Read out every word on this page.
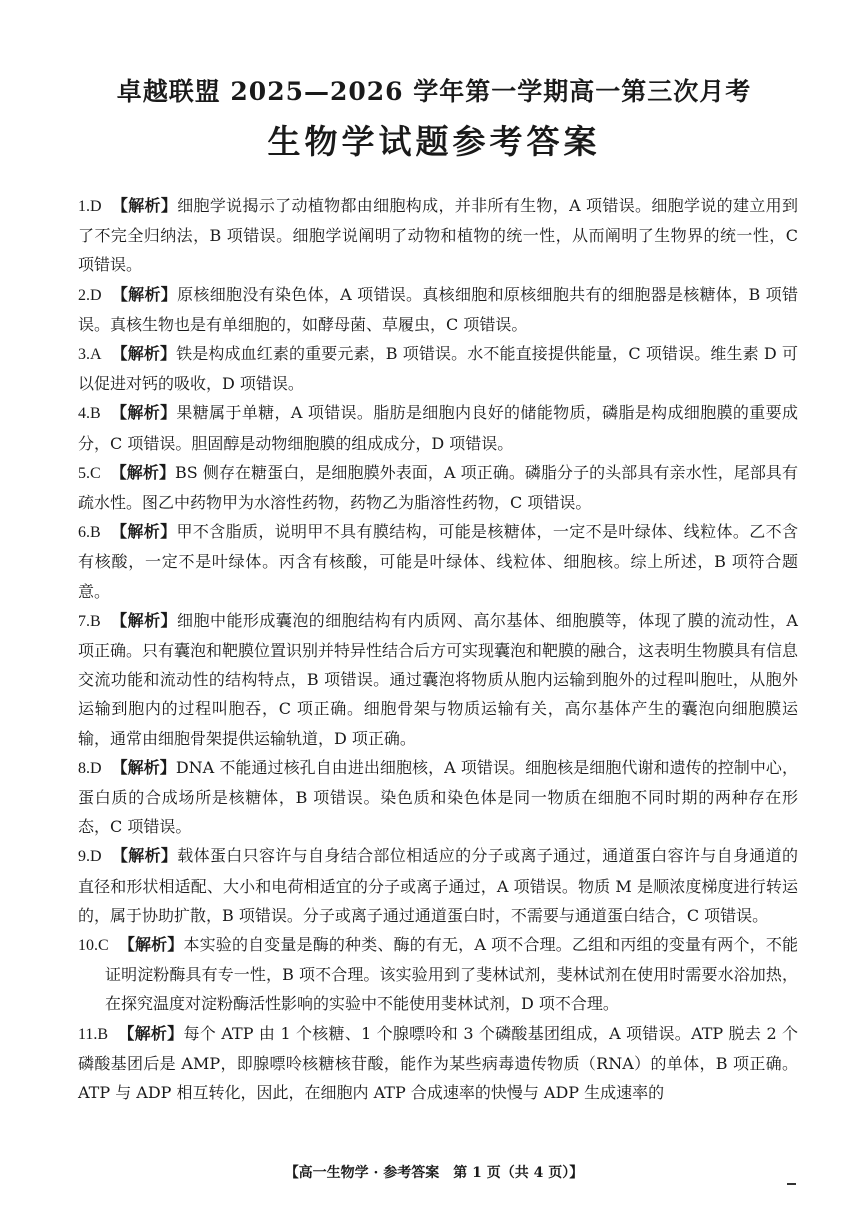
卓越联盟 2025—2026 学年第一学期高一第三次月考
生物学试题参考答案

1.D 【解析】细胞学说揭示了动植物都由细胞构成，并非所有生物，A 项错误。细胞学说的建立用到了不完全归纳法，B 项错误。细胞学说阐明了动物和植物的统一性，从而阐明了生物界的统一性，C 项错误。

2.D 【解析】原核细胞没有染色体，A 项错误。真核细胞和原核细胞共有的细胞器是核糖体，B 项错误。真核生物也是有单细胞的，如酵母菌、草履虫，C 项错误。

3.A 【解析】铁是构成血红素的重要元素，B 项错误。水不能直接提供能量，C 项错误。维生素 D 可以促进对钙的吸收，D 项错误。

4.B 【解析】果糖属于单糖，A 项错误。脂肪是细胞内良好的储能物质，磷脂是构成细胞膜的重要成分，C 项错误。胆固醇是动物细胞膜的组成成分，D 项错误。

5.C 【解析】BS 侧存在糖蛋白，是细胞膜外表面，A 项正确。磷脂分子的头部具有亲水性，尾部具有疏水性。图乙中药物甲为水溶性药物，药物乙为脂溶性药物，C 项错误。

6.B 【解析】甲不含脂质，说明甲不具有膜结构，可能是核糖体，一定不是叶绿体、线粒体。乙不含有核酸，一定不是叶绿体。丙含有核酸，可能是叶绿体、线粒体、细胞核。综上所述，B 项符合题意。

7.B 【解析】细胞中能形成囊泡的细胞结构有内质网、高尔基体、细胞膜等，体现了膜的流动性，A 项正确。只有囊泡和靶膜位置识别并特异性结合后方可实现囊泡和靶膜的融合，这表明生物膜具有信息交流功能和流动性的结构特点，B 项错误。通过囊泡将物质从胞内运输到胞外的过程叫胞吐，从胞外运输到胞内的过程叫胞吞，C 项正确。细胞骨架与物质运输有关，高尔基体产生的囊泡向细胞膜运输，通常由细胞骨架提供运输轨道，D 项正确。

8.D 【解析】DNA 不能通过核孔自由进出细胞核，A 项错误。细胞核是细胞代谢和遗传的控制中心，蛋白质的合成场所是核糖体，B 项错误。染色质和染色体是同一物质在细胞不同时期的两种存在形态，C 项错误。

9.D 【解析】载体蛋白只容许与自身结合部位相适应的分子或离子通过，通道蛋白容许与自身通道的直径和形状相适配、大小和电荷相适宜的分子或离子通过，A 项错误。物质 M 是顺浓度梯度进行转运的，属于协助扩散，B 项错误。分子或离子通过通道蛋白时，不需要与通道蛋白结合，C 项错误。

10.C 【解析】本实验的自变量是酶的种类、酶的有无，A 项不合理。乙组和丙组的变量有两个，不能证明淀粉酶具有专一性，B 项不合理。该实验用到了斐林试剂，斐林试剂在使用时需要水浴加热，在探究温度对淀粉酶活性影响的实验中不能使用斐林试剂，D 项不合理。

11.B 【解析】每个 ATP 由 1 个核糖、1 个腺嘌呤和 3 个磷酸基团组成，A 项错误。ATP 脱去 2 个磷酸基团后是 AMP，即腺嘌呤核糖核苷酸，能作为某些病毒遗传物质（RNA）的单体，B 项正确。ATP 与 ADP 相互转化，因此，在细胞内 ATP 合成速率的快慢与 ADP 生成速率的

【高一生物学 · 参考答案　第 1 页（共 4 页）】
